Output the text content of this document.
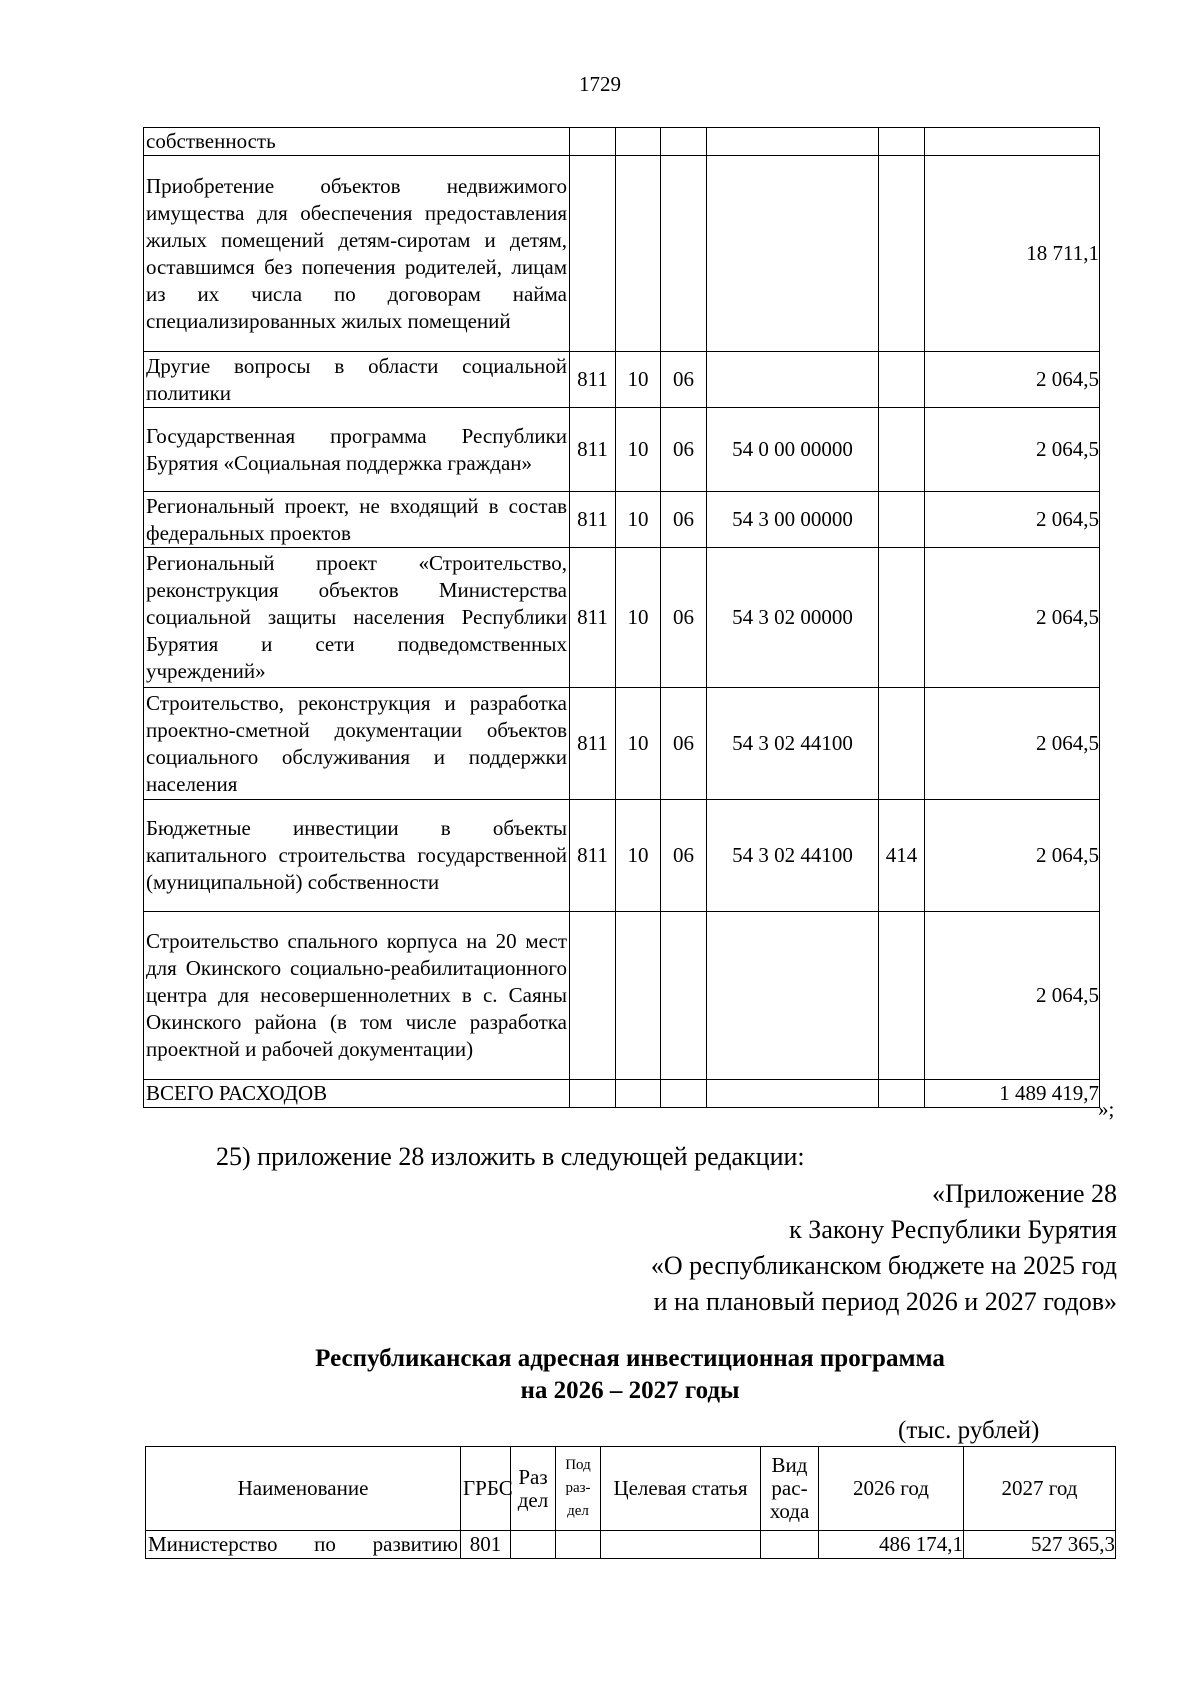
1729
собственность						
Приобретение объектов недвижимого имущества для обеспечения предоставления жилых помещений детям-сиротам и детям, оставшимся без попечения родителей, лицам из их числа по договорам найма специализированных жилых помещений						18 711,1
Другие вопросы в области социальной политики	811	10	06			2 064,5
Государственная программа Республики Бурятия «Социальная поддержка граждан»	811	10	06	54 0 00 00000		2 064,5
Региональный проект, не входящий в состав федеральных проектов	811	10	06	54 3 00 00000		2 064,5
Региональный проект «Строительство, реконструкция объектов Министерства социальной защиты населения Республики Бурятия и сети подведомственных учреждений»	811	10	06	54 3 02 00000		2 064,5
Строительство, реконструкция и разработка проектно-сметной документации объектов социального обслуживания и поддержки населения	811	10	06	54 3 02 44100		2 064,5
Бюджетные инвестиции в объекты капитального строительства государственной (муниципальной) собственности	811	10	06	54 3 02 44100	414	2 064,5
Строительство спального корпуса на 20 мест для Окинского социально-реабилитационного центра для несовершеннолетних в с. Саяны Окинского района (в том числе разработка проектной и рабочей документации)						2 064,5
ВСЕГО РАСХОДОВ						1 489 419,7
»;
25) приложение 28 изложить в следующей редакции:
«Приложение 28
к Закону Республики Бурятия
«О республиканском бюджете на 2025 год
и на плановый период 2026 и 2027 годов»
Республиканская адресная инвестиционная программа
на 2026 – 2027 годы
(тыс. рублей)
Наименование	ГРБС	Раз дел	Под раз- дел	Целевая статья	Вид рас- хода	2026 год	2027 год
Министерство по развитию	801					486 174,1	527 365,3
